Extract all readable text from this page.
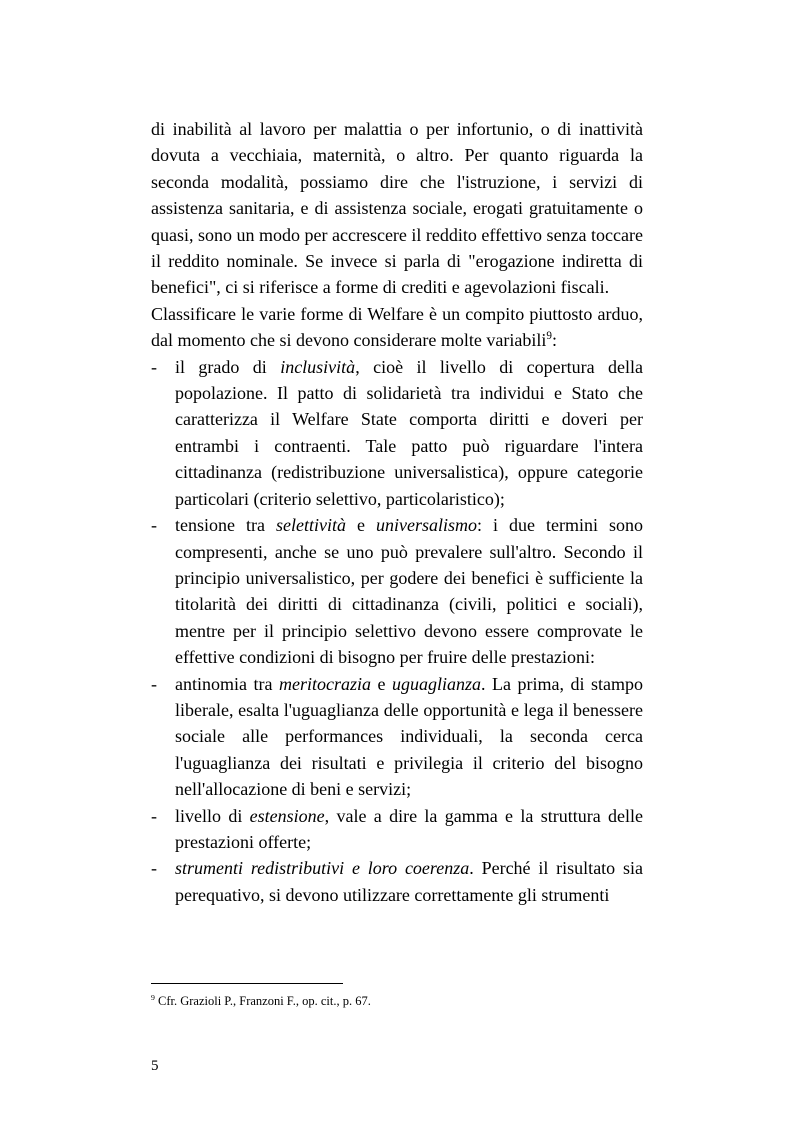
di inabilità al lavoro per malattia o per infortunio, o di inattività dovuta a vecchiaia, maternità, o altro. Per quanto riguarda la seconda modalità, possiamo dire che l'istruzione, i servizi di assistenza sanitaria, e di assistenza sociale, erogati gratuitamente o quasi, sono un modo per accrescere il reddito effettivo senza toccare il reddito nominale. Se invece si parla di "erogazione indiretta di benefici", ci si riferisce a forme di crediti e agevolazioni fiscali.

Classificare le varie forme di Welfare è un compito piuttosto arduo, dal momento che si devono considerare molte variabili$^9$:

- il grado di inclusività, cioè il livello di copertura della popolazione. Il patto di solidarietà tra individui e Stato che caratterizza il Welfare State comporta diritti e doveri per entrambi i contraenti. Tale patto può riguardare l'intera cittadinanza (redistribuzione universalistica), oppure categorie particolari (criterio selettivo, particolaristico);
- tensione tra selettività e universalismo: i due termini sono compresenti, anche se uno può prevalere sull'altro. Secondo il principio universalistico, per godere dei benefici è sufficiente la titolarità dei diritti di cittadinanza (civili, politici e sociali), mentre per il principio selettivo devono essere comprovate le effettive condizioni di bisogno per fruire delle prestazioni:
- antinomia tra meritocrazia e uguaglianza. La prima, di stampo liberale, esalta l'uguaglianza delle opportunità e lega il benessere sociale alle performances individuali, la seconda cerca l'uguaglianza dei risultati e privilegia il criterio del bisogno nell'allocazione di beni e servizi;
- livello di estensione, vale a dire la gamma e la struttura delle prestazioni offerte;
- strumenti redistributivi e loro coerenza. Perché il risultato sia perequativo, si devono utilizzare correttamente gli strumenti
$^9$ Cfr. Grazioli P., Franzoni F., op. cit., p. 67.
5
